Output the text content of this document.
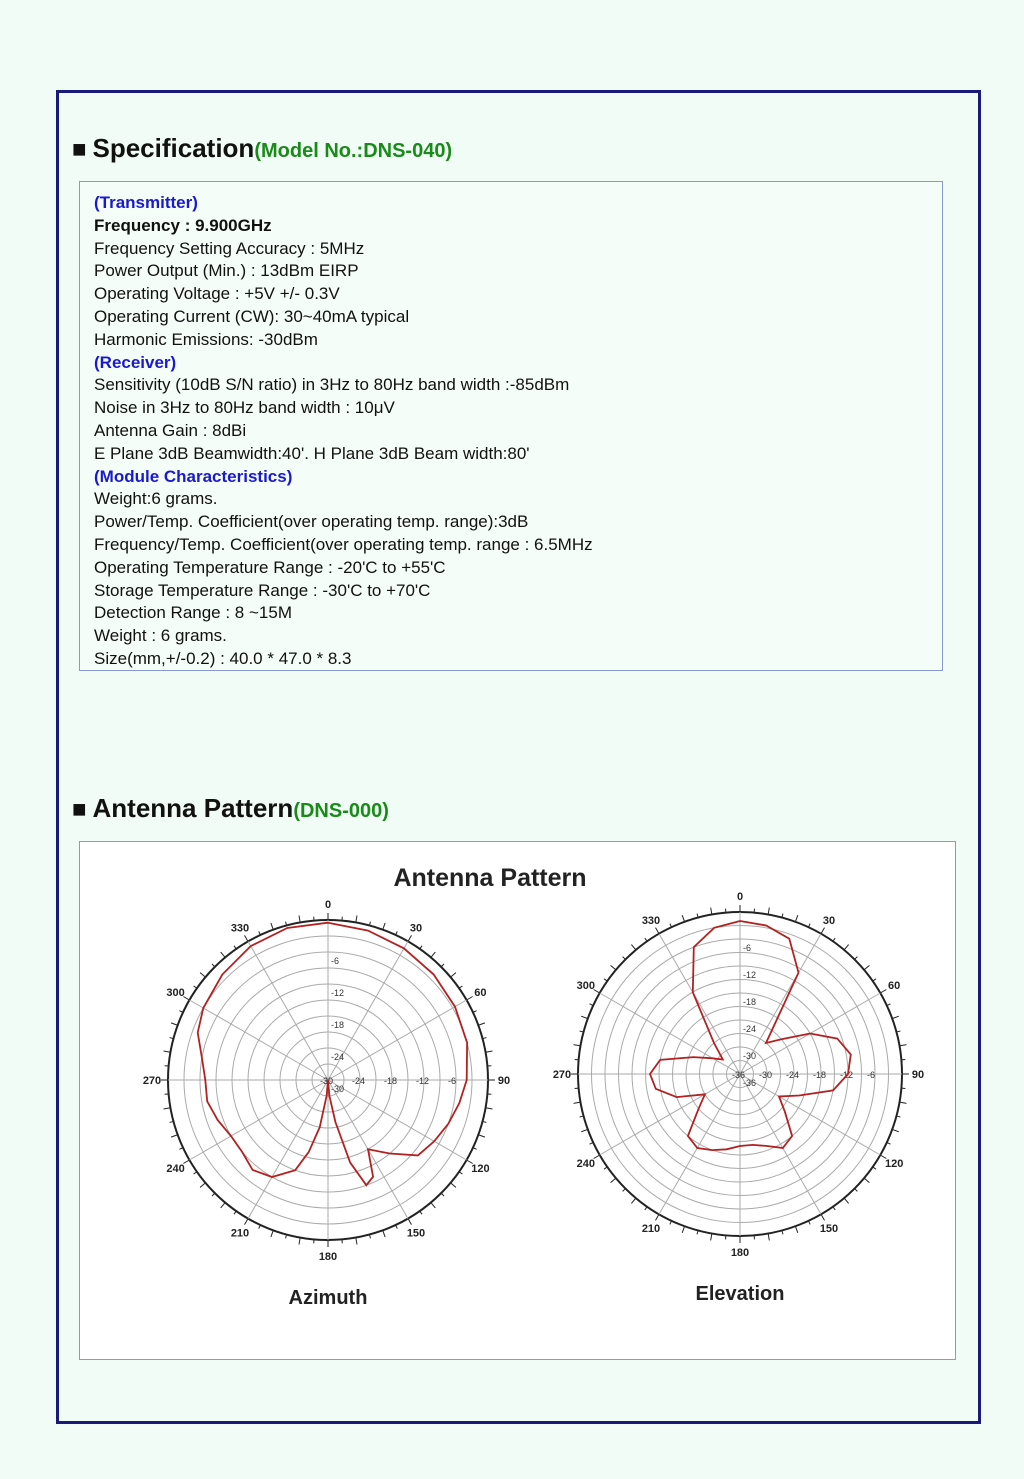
■ Specification(Model No.:DNS-040)
(Transmitter)
Frequency : 9.900GHz
Frequency Setting Accuracy : 5MHz
Power Output (Min.) : 13dBm EIRP
Operating Voltage : +5V +/- 0.3V
Operating Current (CW): 30~40mA typical
Harmonic Emissions: -30dBm
(Receiver)
Sensitivity (10dB S/N ratio) in 3Hz to 80Hz band width :-85dBm
Noise in 3Hz to 80Hz band width : 10μV
Antenna Gain : 8dBi
E Plane 3dB Beamwidth:40'. H Plane 3dB Beam width:80'
(Module Characteristics)
Weight:6 grams.
Power/Temp. Coefficient(over operating temp. range):3dB
Frequency/Temp. Coefficient(over operating temp. range : 6.5MHz
Operating Temperature Range : -20'C to +55'C
Storage Temperature Range : -30'C to +70'C
Detection Range : 8 ~15M
Weight : 6 grams.
Size(mm,+/-0.2) : 40.0 * 47.0 * 8.3
■ Antenna Pattern(DNS-000)
Antenna Pattern
0
30
60
90
120
150
180
210
240
270
300
330
-6
-6
-12
-12
-18
-18
-24
-24
-30
-30
Azimuth
0
30
60
90
120
150
180
210
240
270
300
330
-6
-6
-12
-12
-18
-18
-24
-24
-30
-30
-36
-36
Elevation
